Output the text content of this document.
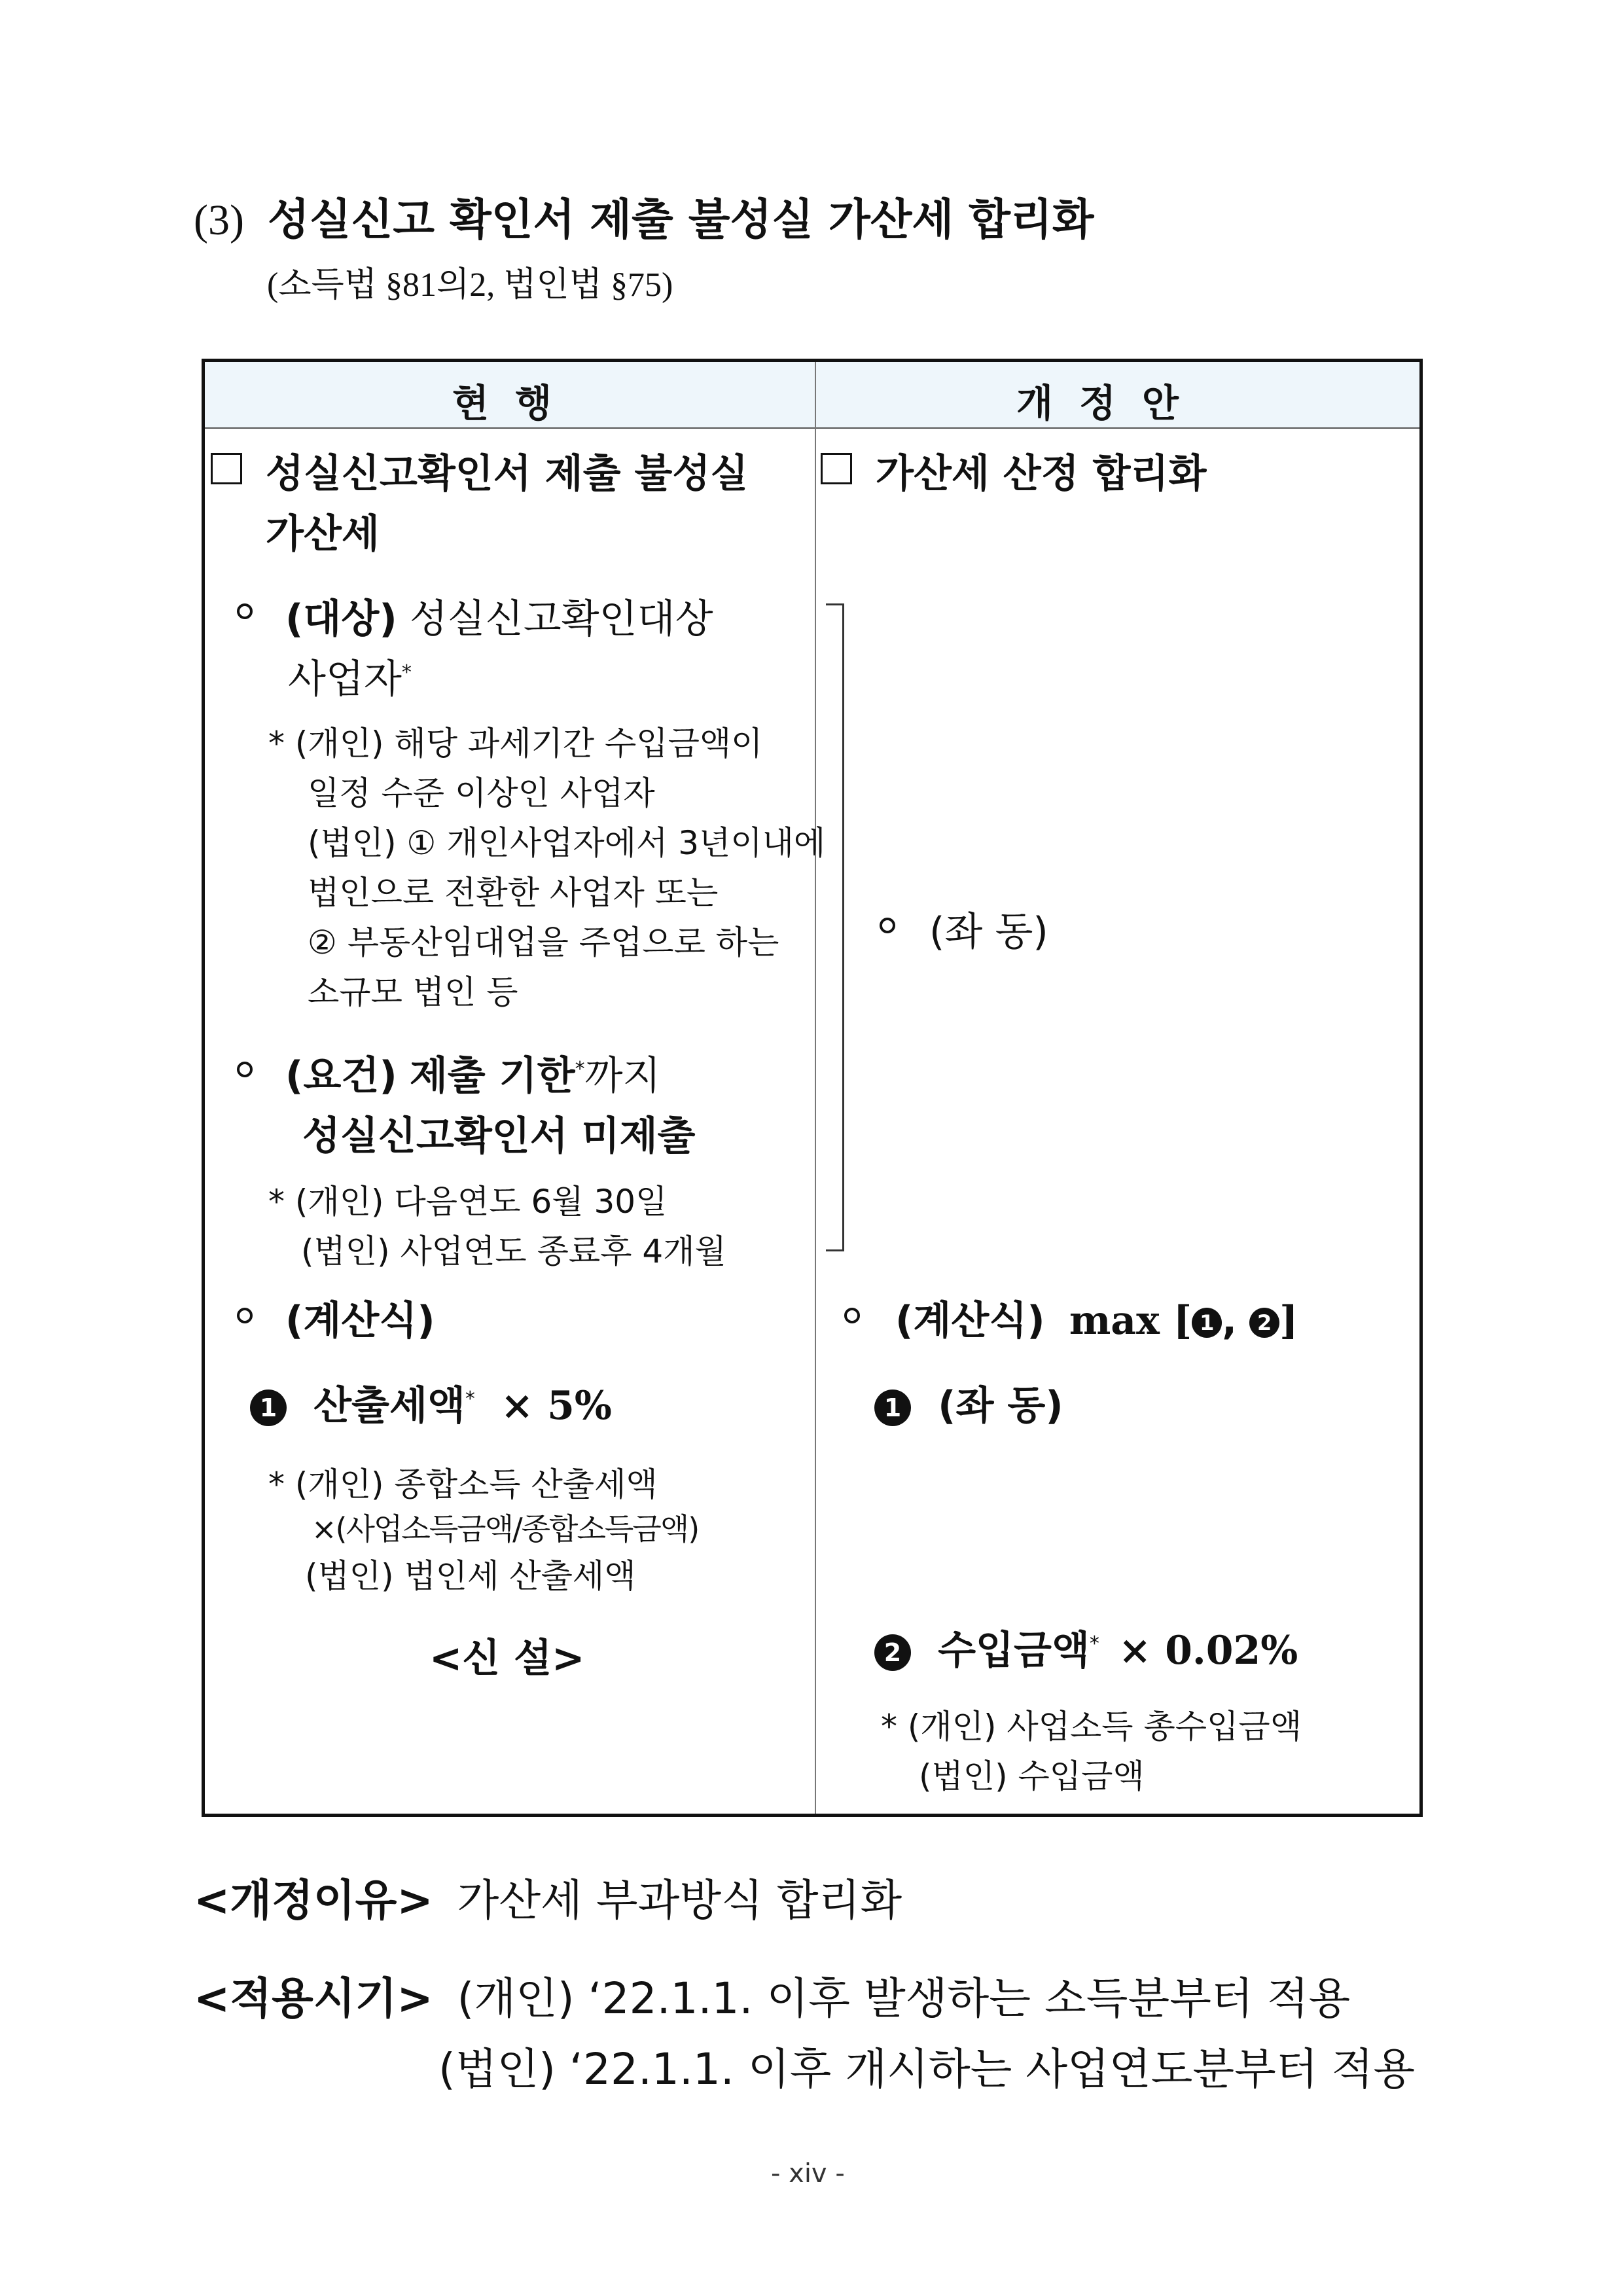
(3) 성실신고 확인서 제출 불성실 가산세 합리화
(소득법 §81의2, 법인법 §75)
현행	개정안
성실신고확인서 제출 불성실
가산세
(대상) 성실신고확인대상
사업자*
* (개인) 해당 과세기간 수입금액이
일정 수준 이상인 사업자
(법인) ① 개인사업자에서 3년이내에
법인으로 전환한 사업자 또는
② 부동산임대업을 주업으로 하는
소규모 법인 등
(요건) 제출 기한*까지
성실신고확인서 미제출
* (개인) 다음연도 6월 30일
(법인) 사업연도 종료후 4개월
(계산식)
1 산출세액* × 5%
* (개인) 종합소득 산출세액
×(사업소득금액/종합소득금액)
(법인) 법인세 산출세액
<신 설>
가산세 산정 합리화
(좌 동)
(계산식) max [ 1 , 2 ]
1 (좌 동)
2 수입금액* × 0.02%
* (개인) 사업소득 총수입금액
(법인) 수입금액
<개정이유> 가산세 부과방식 합리화
<적용시기> (개인) ‘22.1.1. 이후 발생하는 소득분부터 적용
(법인) ‘22.1.1. 이후 개시하는 사업연도분부터 적용
- xiv -
